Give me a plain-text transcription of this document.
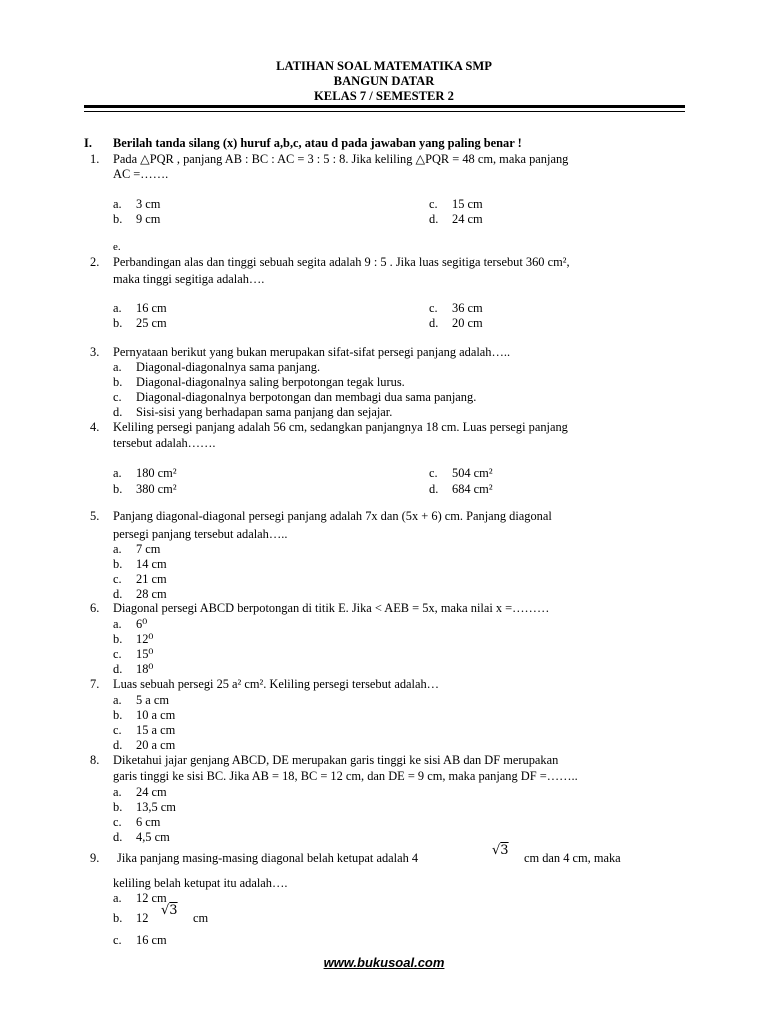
LATIHAN SOAL MATEMATIKA SMP
BANGUN DATAR
KELAS 7 / SEMESTER 2
I. Berilah tanda silang (x) huruf a,b,c, atau d pada jawaban yang paling benar !
1. Pada △PQR , panjang AB : BC : AC = 3 : 5 : 8. Jika keliling △PQR = 48 cm, maka panjang
AC =…….
a. 3 cm
b. 9 cm
c. 15 cm
d. 24 cm
e.
2. Perbandingan alas dan tinggi sebuah segita adalah 9 : 5 . Jika luas segitiga tersebut 360 cm²,
maka tinggi segitiga adalah….
a. 16 cm
b. 25 cm
c. 36 cm
d. 20 cm
3. Pernyataan berikut yang bukan merupakan sifat-sifat persegi panjang adalah…..
a. Diagonal-diagonalnya sama panjang.
b. Diagonal-diagonalnya saling berpotongan tegak lurus.
c. Diagonal-diagonalnya berpotongan dan membagi dua sama panjang.
d. Sisi-sisi yang berhadapan sama panjang dan sejajar.
4. Keliling persegi panjang adalah 56 cm, sedangkan panjangnya 18 cm. Luas persegi panjang
tersebut adalah…….
a. 180 cm²
b. 380 cm²
c. 504 cm²
d. 684 cm²
5. Panjang diagonal-diagonal persegi panjang adalah 7x dan (5x + 6) cm. Panjang diagonal
persegi panjang tersebut adalah…..
a. 7 cm
b. 14 cm
c. 21 cm
d. 28 cm
6. Diagonal persegi ABCD berpotongan di titik E. Jika < AEB = 5x, maka nilai x =………
a. 6⁰
b. 12⁰
c. 15⁰
d. 18⁰
7. Luas sebuah persegi 25 a² cm². Keliling persegi tersebut adalah…
a. 5 a cm
b. 10 a cm
c. 15 a cm
d. 20 a cm
8. Diketahui jajar genjang ABCD, DE merupakan garis tinggi ke sisi AB dan DF merupakan
garis tinggi ke sisi BC. Jika AB = 18, BC = 12 cm, dan DE = 9 cm, maka panjang DF =……..
a. 24 cm
b. 13,5 cm
c. 6 cm
d. 4,5 cm
9. Jika panjang masing-masing diagonal belah ketupat adalah 4	√3 cm dan 4 cm, maka
keliling belah ketupat itu adalah….
a. 12 cm
b. 12 √3 cm
c. 16 cm
www.bukusoal.com
